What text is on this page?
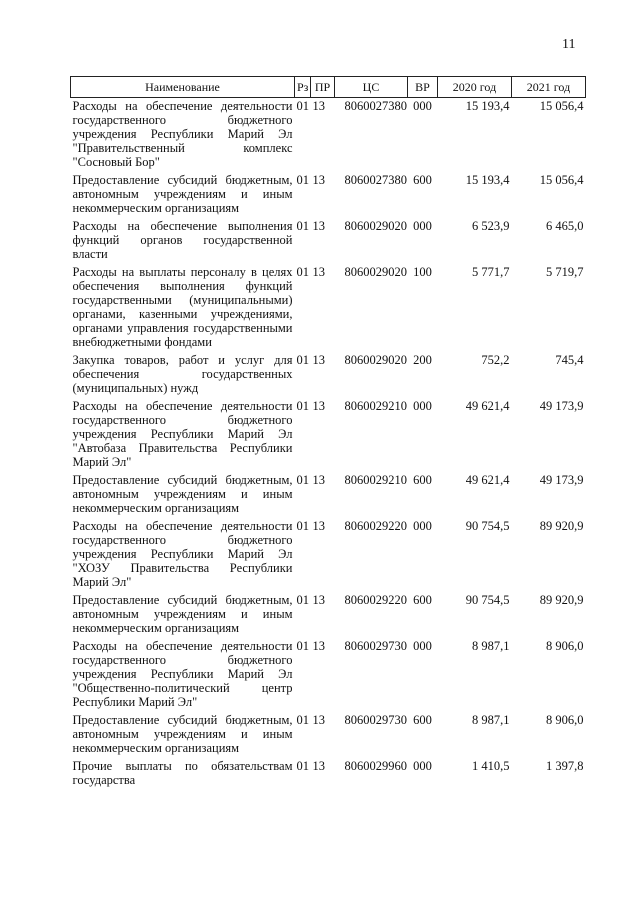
11
Наименование	Рз	ПР	ЦС	ВР	2020 год	2021 год
Расходы на обеспечение деятельности государственного бюджетного учреждения Республики Марий Эл "Правительственный комплекс "Сосновый Бор"	01	13	8060027380	000	15 193,4	15 056,4
Предоставление субсидий бюджетным, автономным учреждениям и иным некоммерческим организациям	01	13	8060027380	600	15 193,4	15 056,4
Расходы на обеспечение выполнения функций органов государственной власти	01	13	8060029020	000	6 523,9	6 465,0
Расходы на выплаты персоналу в целях обеспечения выполнения функций государственными (муниципальными) органами, казенными учреждениями, органами управления государственными внебюджетными фондами	01	13	8060029020	100	5 771,7	5 719,7
Закупка товаров, работ и услуг для обеспечения государственных (муниципальных) нужд	01	13	8060029020	200	752,2	745,4
Расходы на обеспечение деятельности государственного бюджетного учреждения Республики Марий Эл "Автобаза Правительства Республики Марий Эл"	01	13	8060029210	000	49 621,4	49 173,9
Предоставление субсидий бюджетным, автономным учреждениям и иным некоммерческим организациям	01	13	8060029210	600	49 621,4	49 173,9
Расходы на обеспечение деятельности государственного бюджетного учреждения Республики Марий Эл "ХОЗУ Правительства Республики Марий Эл"	01	13	8060029220	000	90 754,5	89 920,9
Предоставление субсидий бюджетным, автономным учреждениям и иным некоммерческим организациям	01	13	8060029220	600	90 754,5	89 920,9
Расходы на обеспечение деятельности государственного бюджетного учреждения Республики Марий Эл "Общественно-политический центр Республики Марий Эл"	01	13	8060029730	000	8 987,1	8 906,0
Предоставление субсидий бюджетным, автономным учреждениям и иным некоммерческим организациям	01	13	8060029730	600	8 987,1	8 906,0
Прочие выплаты по обязательствам государства	01	13	8060029960	000	1 410,5	1 397,8
